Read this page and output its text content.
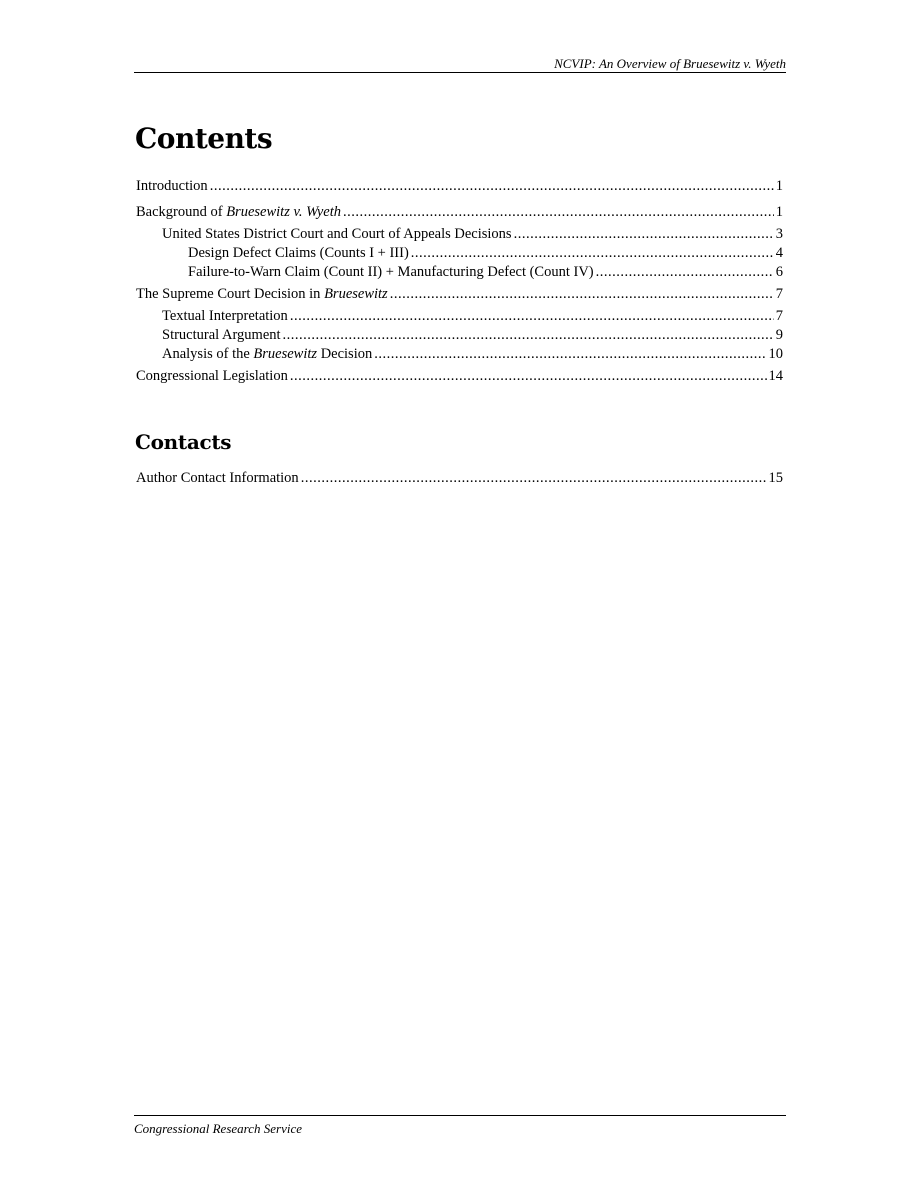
NCVIP: An Overview of Bruesewitz v. Wyeth
Contents
Introduction .....	1
Background of Bruesewitz v. Wyeth .....	1
United States District Court and Court of Appeals Decisions .....	3
Design Defect Claims (Counts I + III) .....	4
Failure-to-Warn Claim (Count II) + Manufacturing Defect (Count IV) .....	6
The Supreme Court Decision in Bruesewitz .....	7
Textual Interpretation .....	7
Structural Argument .....	9
Analysis of the Bruesewitz Decision .....	10
Congressional Legislation .....	14
Contacts
Author Contact Information .....	15
Congressional Research Service
